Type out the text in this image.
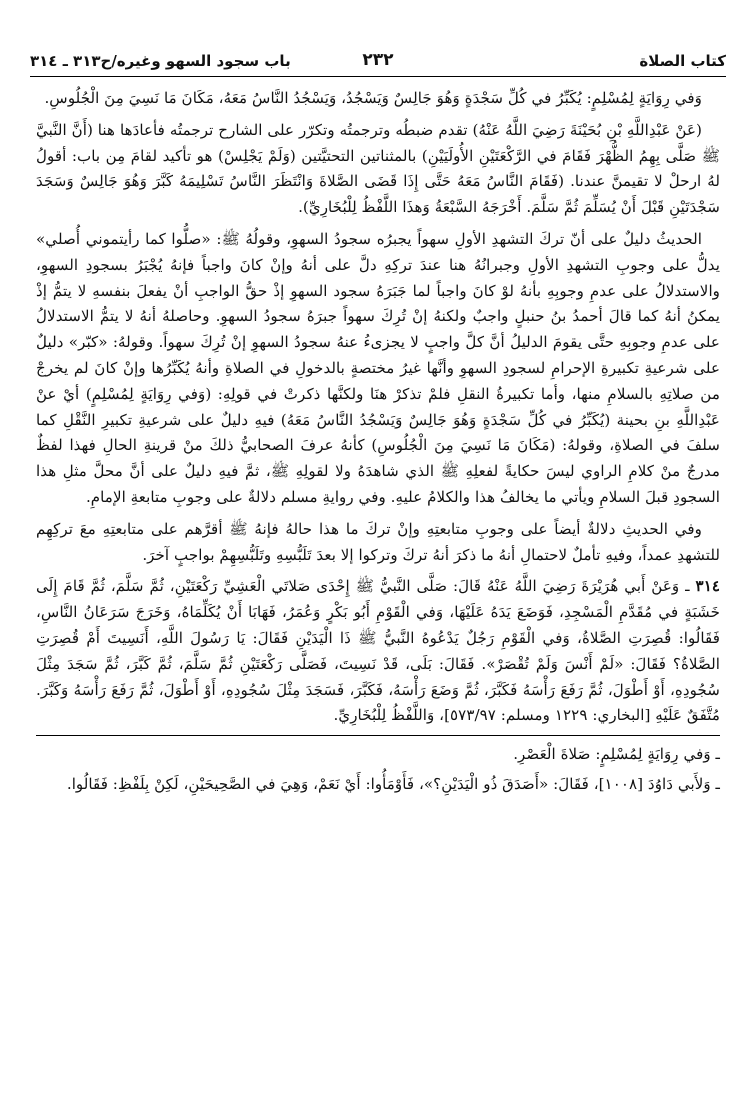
كتاب الصلاة
٢٣٢
باب سجود السهو وغيره/ح٣١٣ ـ ٣١٤

وَفي رِوَايَةٍ لِمُسْلِمٍ: يُكَبِّرُ في كُلِّ سَجْدَةٍ وَهُوَ جَالِسٌ وَيَسْجُدُ، وَيَسْجُدُ النَّاسُ مَعَهُ، مَكَانَ مَا نَسِيَ مِنَ الْجُلُوسِ.

(عَنْ عَبْدِاللَّهِ بْنِ بُحَيْنَةَ رَضِيَ اللَّهُ عَنْهُ) تقدم ضبطُه وترجمتُه وتكرّر على الشارح ترجمتُه فأعادَها هنا (أَنَّ النَّبيَّ ﷺ صَلَّى بِهِمُ الظُّهْرَ فَقَامَ في الرَّكْعَتَيْنِ الأُولَيَيْنِ) بالمثناتين التحتيَّتين (وَلَمْ يَجْلِسْ) هو تأكيد لقامَ مِن باب: أقولُ لهُ ارحلْ لا تقيمنَّ عندنا. (فَقَامَ النَّاسُ مَعَهُ حَتَّى إِذَا قَضَى الصَّلاةَ وَانْتَظَرَ النَّاسُ تَسْلِيمَهُ كَبَّرَ وَهُوَ جَالِسٌ وَسَجَدَ سَجْدَتَيْنِ قَبْلَ أَنْ يُسَلِّمَ ثُمَّ سَلَّمَ. أَخْرَجَهُ السَّبْعَةُ وَهذَا اللَّفْظُ لِلْبُخَارِيِّ).

الحديثُ دليلٌ على أنّ تركَ التشهدِ الأولِ سهواً يجبرُه سجودُ السهوِ، وقولُهُ ﷺ: «صلُّوا كما رأيتموني أُصلي» يدلُّ على وجوبِ التشهدِ الأولِ وجبرانُهُ هنا عندَ تركِهِ دلَّ على أنهُ وإنْ كانَ واجباً فإنهُ يُجْبَرُ بسجودِ السهوِ، والاستدلالُ على عدمِ وجوبِهِ بأنهُ لوْ كانَ واجباً لما جَبَرَهُ سجود السهوِ إذْ حقُّ الواجبِ أنْ يفعلَ بنفسهِ لا يتمُّ إذْ يمكنُ أنهُ كما قالَ أحمدُ بنُ حنبلٍ واجبٌ ولكنهُ إنْ تُرِكَ سهواً جبرَهُ سجودُ السهوِ. وحاصلهُ أنهُ لا يتمُّ الاستدلالُ على عدمِ وجوبِهِ حتَّى يقومَ الدليلُ أنَّ كلَّ واجبٍ لا يجزىءُ عنهُ سجودُ السهوِ إنْ تُرِكَ سهواً. وقولهُ: «كبّر» دليلٌ على شرعيةِ تكبيرةِ الإحرامِ لسجودِ السهوِ وأنَّها غيرُ مختصةٍ بالدخولِ في الصلاةِ وأنهُ يُكَبِّرُها وإنْ كانَ لم يخرجْ من صلاتِهِ بالسلامِ منها، وأما تكبيرةُ النقلِ فلمْ تذكرْ هنَا ولكنَّها ذكرتْ في قولِهِ: (وَفي رِوَايَةٍ لِمُسْلِمٍ) أيْ عنْ عَبْدِاللَّهِ بنِ بحينة (يُكَبِّرُ في كُلِّ سَجْدَةٍ وَهُوَ جَالِسٌ وَيَسْجُدُ النَّاسُ مَعَهُ) فيهِ دليلٌ على شرعيةِ تكبيرِ النَّقْلِ كما سلفَ في الصلاةِ، وقولهُ: (مَكَانَ مَا نَسِيَ مِنَ الْجُلُوسِ) كأنهُ عرفَ الصحابيُّ ذلكَ منْ قرينةِ الحالِ فهذا لفظٌ مدرجٌ منْ كلامِ الراوي ليسَ حكايةً لفعلِهِ ﷺ الذي شاهدَهُ ولا لقولِهِ ﷺ، ثمَّ فيهِ دليلٌ على أنَّ محلَّ مثلِ هذا السجودِ قبلَ السلامِ ويأتي ما يخالفُ هذا والكلامُ عليهِ. وفي روايةِ مسلم دلالةٌ على وجوبِ متابعةِ الإمامِ.

وفي الحديثِ دلالةٌ أيضاً على وجوبِ متابعتِهِ وإنْ تركَ ما هذا حالهُ فإنهُ ﷺ أقرَّهم على متابعتِهِ معَ تركِهِم للتشهدِ عمداً، وفيهِ تأملٌ لاحتمالِ أنهُ ما ذكرَ أنهُ تركَ وتركوا إلا بعدَ تَلَبُّسِهِ وتَلَبُّسِهِمْ بواجبٍ آخرَ.

٣١٤ ـ وَعَنْ أَبي هُرَيْرَةَ رَضِيَ اللَّهُ عَنْهُ قَالَ: صَلَّى النَّبيُّ ﷺ إِحْدَى صَلاتَي الْعَشِيِّ رَكْعَتَيْنِ، ثُمَّ سَلَّمَ، ثُمَّ قَامَ إِلَى خَشَبَةٍ في مُقَدَّمِ الْمَسْجِدِ، فَوَضَعَ يَدَهُ عَلَيْهَا، وَفي الْقَوْمِ أَبُو بَكْرٍ وَعُمَرُ، فَهَابَا أَنْ يُكَلِّمَاهُ، وَخَرَجَ سَرَعَانُ النَّاسِ، فَقَالُوا: قُصِرَتِ الصَّلاةُ، وَفي الْقَوْمِ رَجُلٌ يَدْعُوهُ النَّبيُّ ﷺ ذَا الْيَدَيْنِ فَقَالَ: يَا رَسُولَ اللَّهِ، أَنَسِيتَ أَمْ قُصِرَتِ الصَّلاةُ؟ فَقَالَ: «لَمْ أَنْسَ وَلَمْ تُقْصَرْ». فَقَالَ: بَلَى، قَدْ نَسِيتَ، فَصَلَّى رَكْعَتَيْنِ ثُمَّ سَلَّمَ، ثُمَّ كَبَّرَ، ثُمَّ سَجَدَ مِثْلَ سُجُودِهِ، أَوْ أَطْوَلَ، ثُمَّ رَفَعَ رَأْسَهُ فَكَبَّرَ، ثُمَّ وَضَعَ رَأْسَهُ، فَكَبَّرَ، فَسَجَدَ مِثْلَ سُجُودِهِ، أَوْ أَطْوَلَ، ثُمَّ رَفَعَ رَأْسَهُ وَكَبَّرَ. مُتَّفَقٌ عَلَيْهِ [البخاري: ١٢٢٩ ومسلم: ٥٧٣/٩٧]، وَاللَّفْظُ لِلْبُخَارِيِّ.

ـ وَفي رِوَايَةٍ لِمُسْلِمٍ: صَلاةَ الْعَصْرِ.

ـ وَلأَبي دَاوُدَ [١٠٠٨]، فَقَالَ: «أَصَدَقَ ذُو الْيَدَيْنِ؟»، فَأَوْمَأُوا: أَيْ نَعَمْ، وَهِيَ في الصَّحِيحَيْنِ، لَكِنْ بِلَفْظِ: فَقَالُوا.
